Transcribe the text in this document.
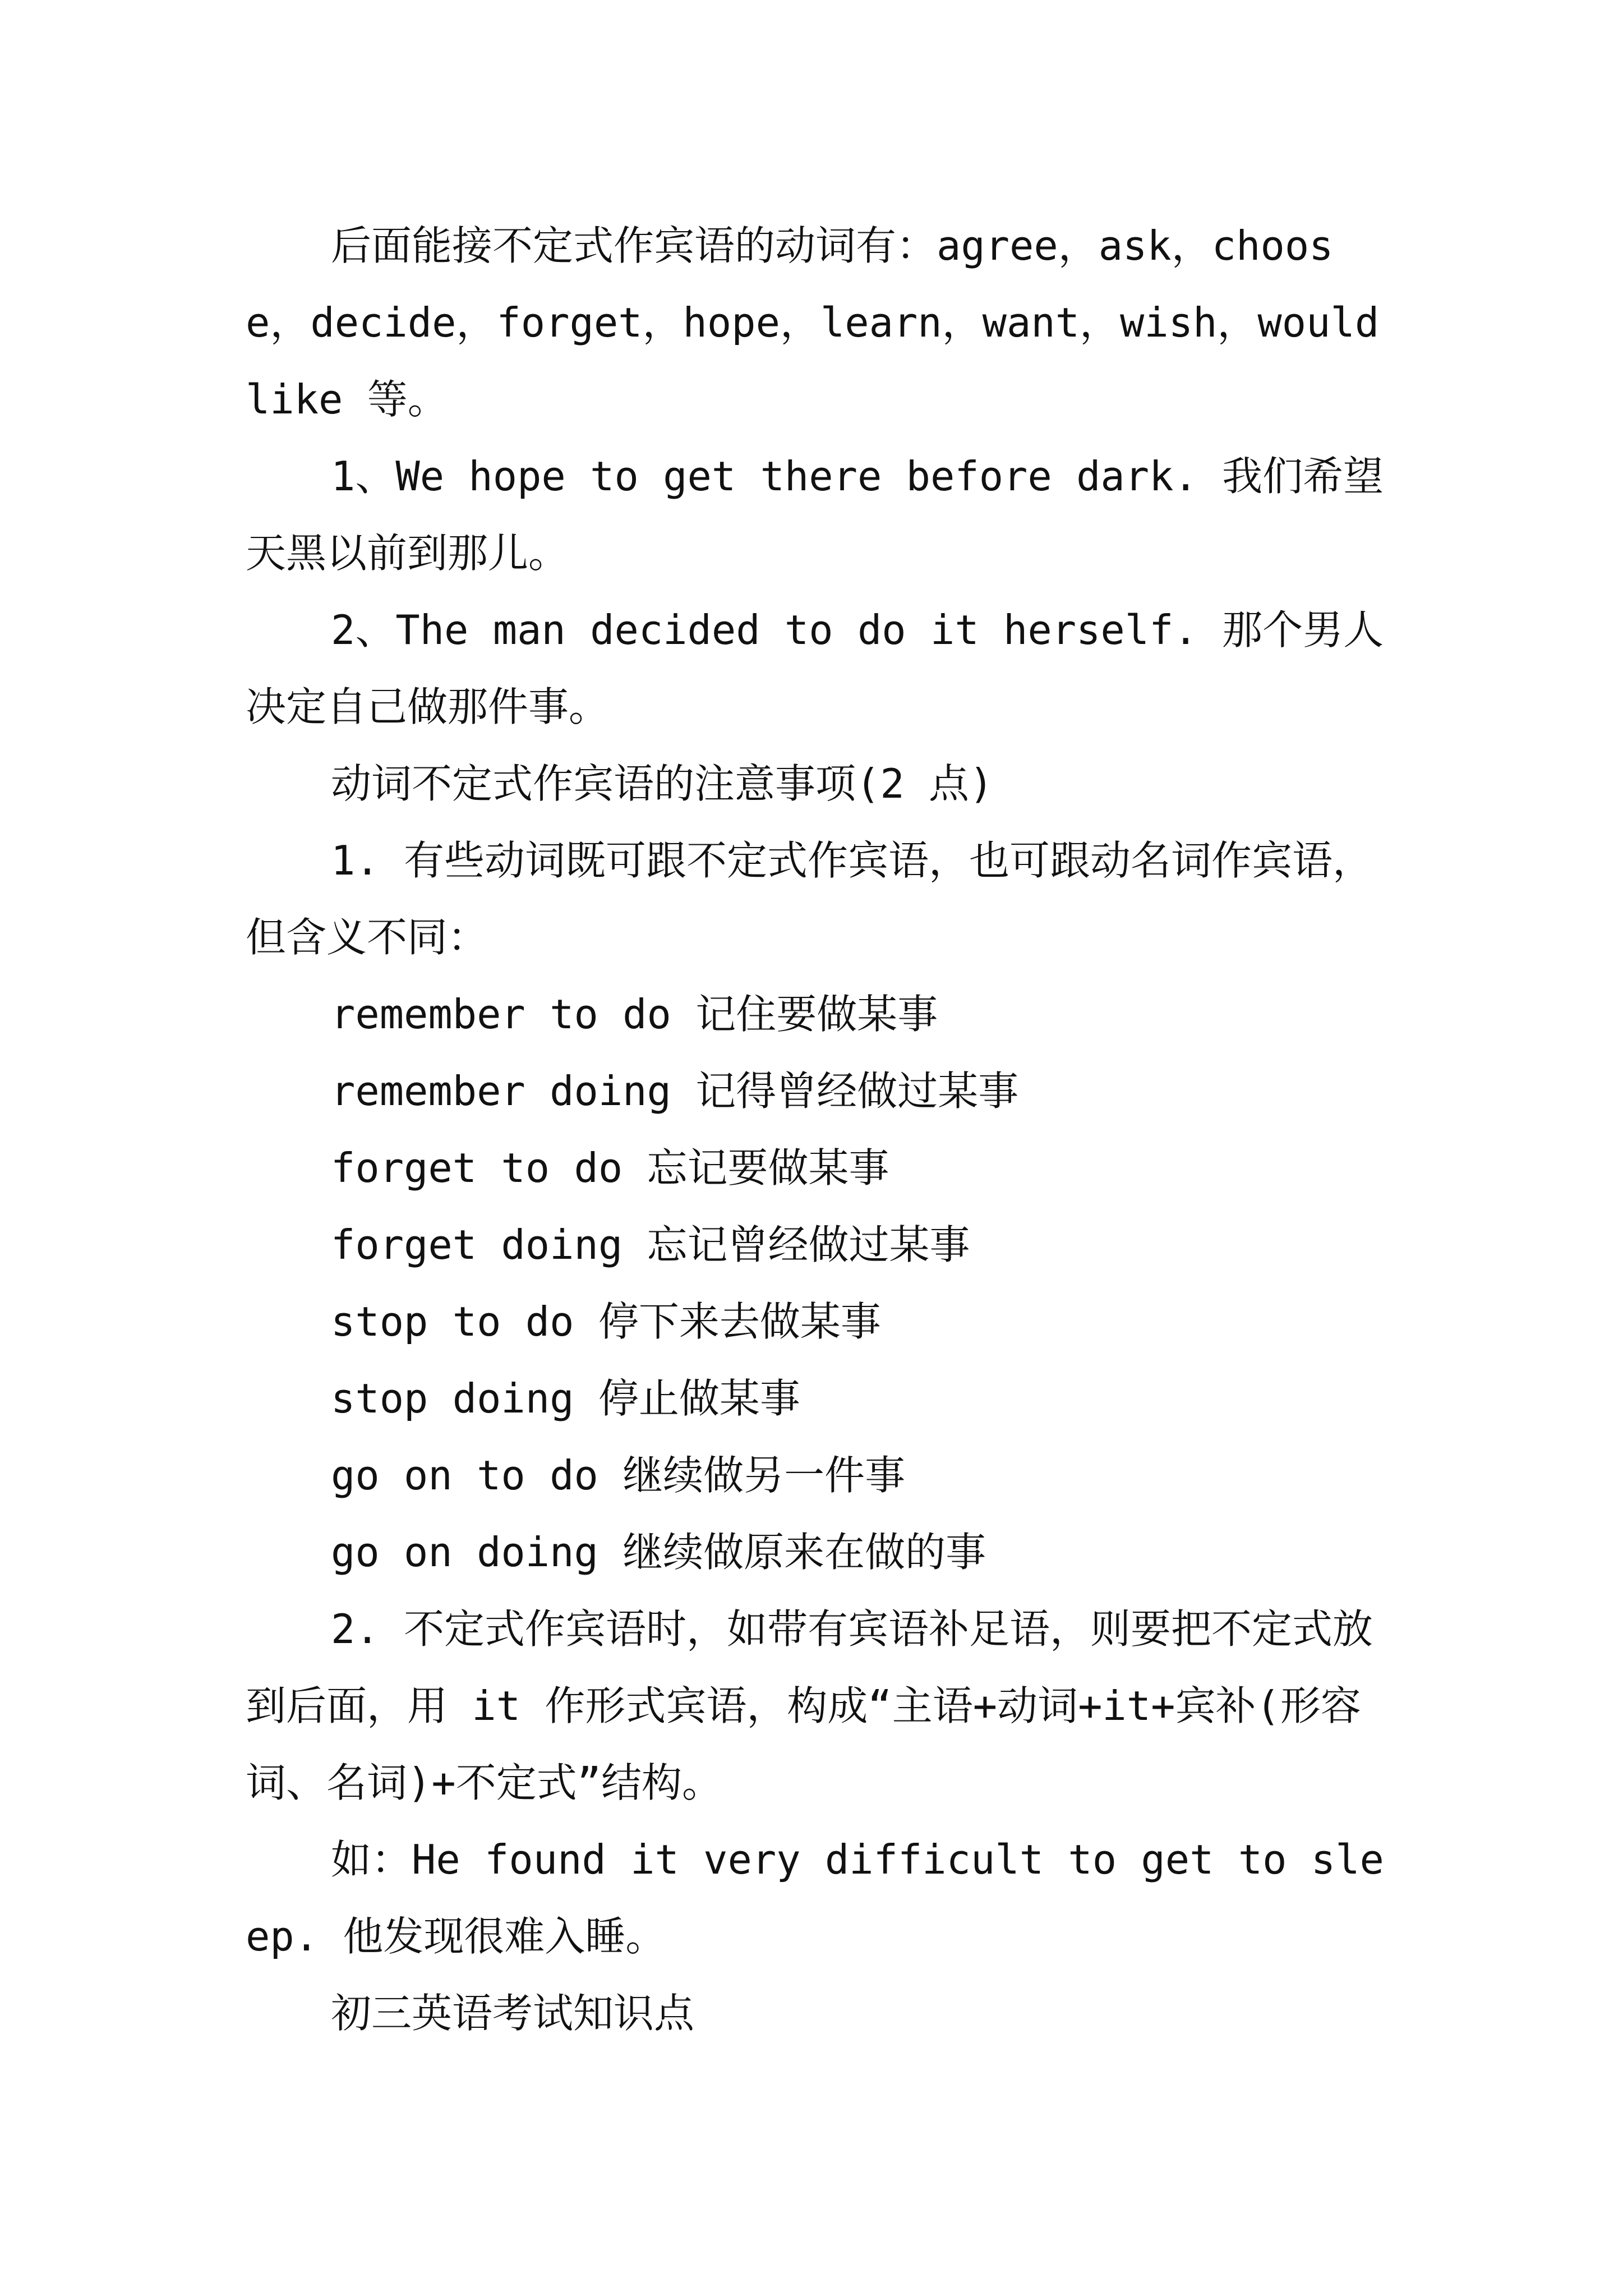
后面能接不定式作宾语的动词有：agree，ask，choose，decide，forget，hope，learn，want，wish，would like 等。

1、We hope to get there before dark. 我们希望天黑以前到那儿。

2、The man decided to do it herself. 那个男人决定自己做那件事。

动词不定式作宾语的注意事项(2 点)

1. 有些动词既可跟不定式作宾语，也可跟动名词作宾语，但含义不同：

remember to do 记住要做某事

remember doing 记得曾经做过某事

forget to do 忘记要做某事

forget doing 忘记曾经做过某事

stop to do 停下来去做某事

stop doing 停止做某事

go on to do 继续做另一件事

go on doing 继续做原来在做的事

2. 不定式作宾语时，如带有宾语补足语，则要把不定式放到后面，用 it 作形式宾语，构成“主语+动词+it+宾补(形容词、名词)+不定式”结构。

如：He found it very difficult to get to sleep. 他发现很难入睡。

初三英语考试知识点
